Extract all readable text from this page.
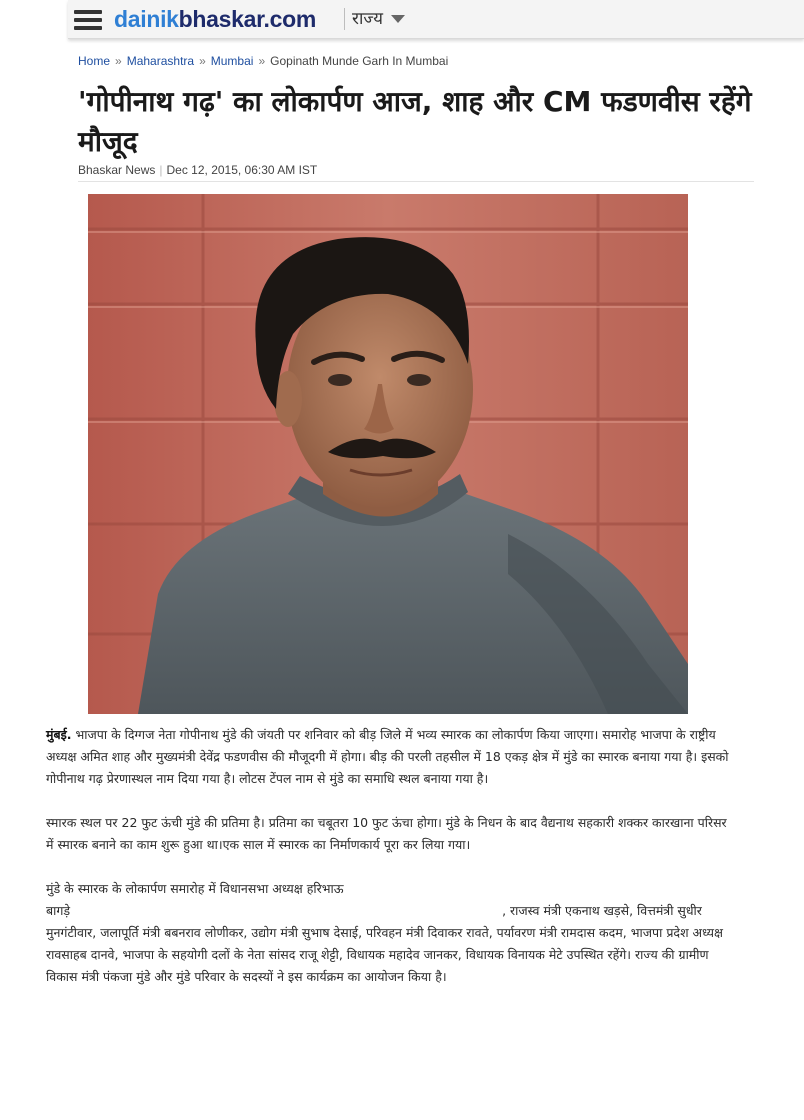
dainikbhaskar.com राज्य
Home » Maharashtra » Mumbai » Gopinath Munde Garh In Mumbai
'गोपीनाथ गढ़' का लोकार्पण आज, शाह और CM फडणवीस रहेंगे मौजूद
Bhaskar News | Dec 12, 2015, 06:30 AM IST

मुंबई. भाजपा के दिग्गज नेता गोपीनाथ मुंडे की जंयती पर शनिवार को बीड़ जिले में भव्य स्मारक का लोकार्पण किया जाएगा। समारोह भाजपा के राष्ट्रीय अध्यक्ष अमित शाह और मुख्यमंत्री देवेंद्र फडणवीस की मौजूदगी में होगा। बीड़ की परली तहसील में 18 एकड़ क्षेत्र में मुंडे का स्मारक बनाया गया है। इसको गोपीनाथ गढ़ प्रेरणास्थल नाम दिया गया है। लोटस टेंपल नाम से मुंडे का समाधि स्थल बनाया गया है।

स्मारक स्थल पर 22 फुट ऊंची मुंडे की प्रतिमा है। प्रतिमा का चबूतरा 10 फुट ऊंचा होगा। मुंडे के निधन के बाद वैद्यनाथ सहकारी शक्कर कारखाना परिसर में स्मारक बनाने का काम शुरू हुआ था।एक साल में स्मारक का निर्माणकार्य पूरा कर लिया गया।

मुंडे के स्मारक के लोकार्पण समारोह में विधानसभा अध्यक्ष हरिभाऊ
बागड़े	, राजस्व मंत्री एकनाथ खड़से, वित्तमंत्री सुधीर मुनगंटीवार, जलापूर्ति मंत्री बबनराव लोणीकर, उद्योग मंत्री सुभाष देसाई, परिवहन मंत्री दिवाकर रावते, पर्यावरण मंत्री रामदास कदम, भाजपा प्रदेश अध्यक्ष रावसाहब दानवे, भाजपा के सहयोगी दलों के नेता सांसद राजू शेट्टी, विधायक महादेव जानकर, विधायक विनायक मेटे उपस्थित रहेंगे। राज्य की ग्रामीण विकास मंत्री पंकजा मुंडे और मुंडे परिवार के सदस्यों ने इस कार्यक्रम का आयोजन किया है।
